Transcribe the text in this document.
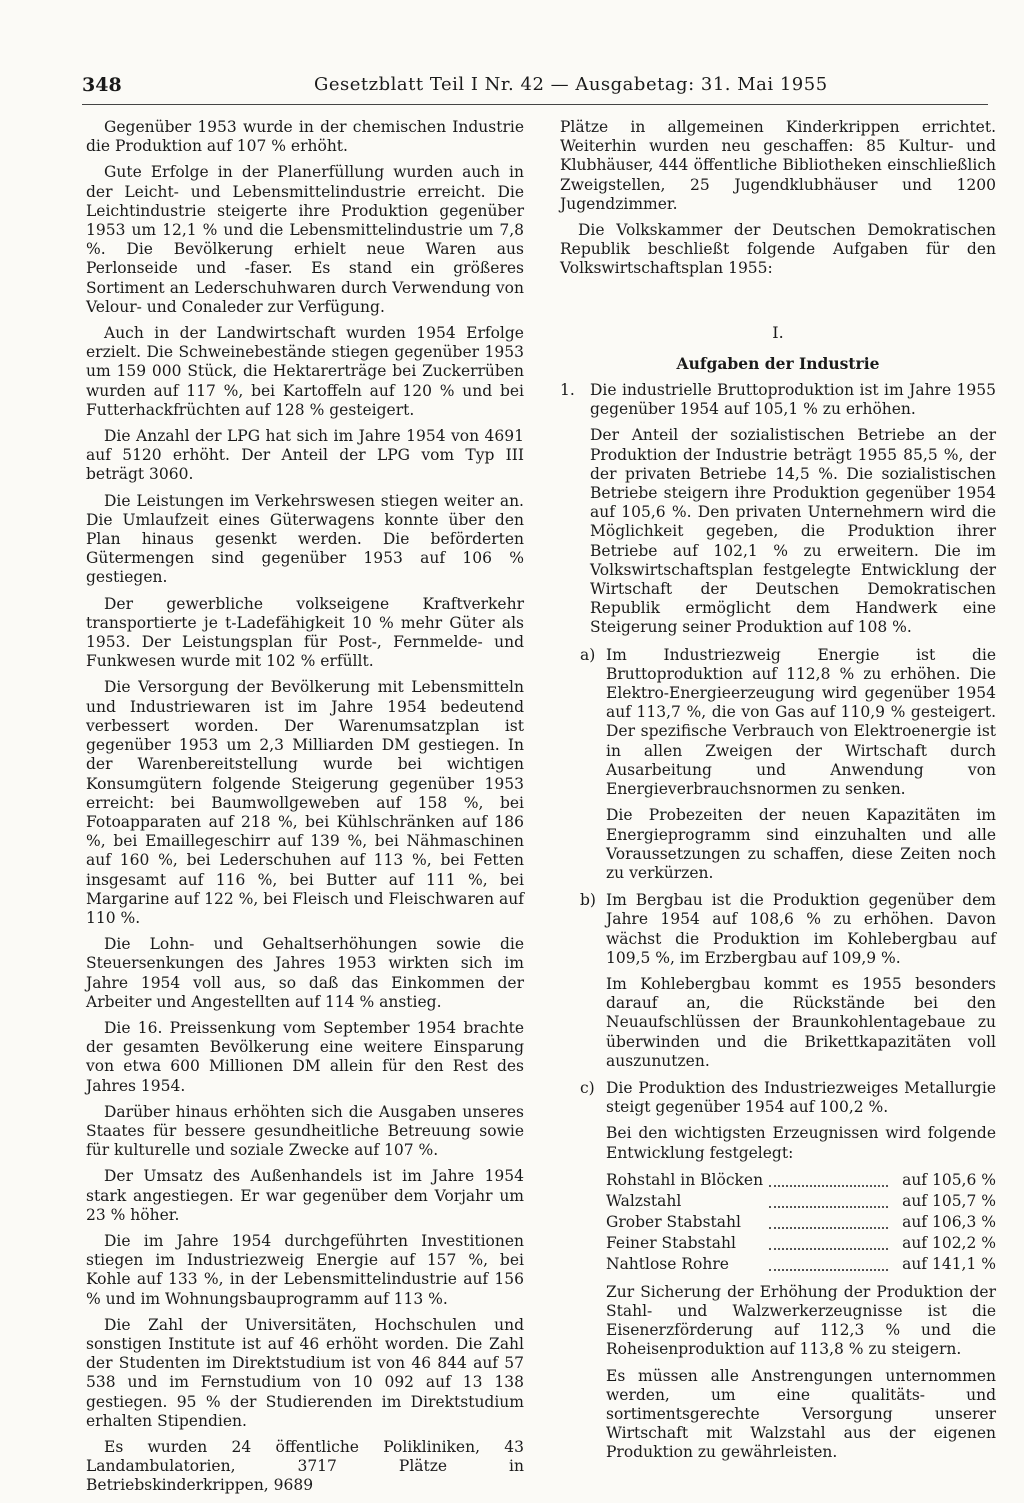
348	Gesetzblatt Teil I Nr. 42 — Ausgabetag: 31. Mai 1955

Gegenüber 1953 wurde in der chemischen Industrie die Produktion auf 107 % erhöht.

Gute Erfolge in der Planerfüllung wurden auch in der Leicht- und Lebensmittelindustrie erreicht. Die Leichtindustrie steigerte ihre Produktion gegenüber 1953 um 12,1 % und die Lebensmittelindustrie um 7,8 %. Die Bevölkerung erhielt neue Waren aus Perlonseide und -faser. Es stand ein größeres Sortiment an Lederschuhwaren durch Verwendung von Velour- und Conaleder zur Verfügung.

Auch in der Landwirtschaft wurden 1954 Erfolge erzielt. Die Schweinebestände stiegen gegenüber 1953 um 159 000 Stück, die Hektarerträge bei Zuckerrüben wurden auf 117 %, bei Kartoffeln auf 120 % und bei Futterhackfrüchten auf 128 % gesteigert.

Die Anzahl der LPG hat sich im Jahre 1954 von 4691 auf 5120 erhöht. Der Anteil der LPG vom Typ III beträgt 3060.

Die Leistungen im Verkehrswesen stiegen weiter an. Die Umlaufzeit eines Güterwagens konnte über den Plan hinaus gesenkt werden. Die beförderten Gütermengen sind gegenüber 1953 auf 106 % gestiegen.

Der gewerbliche volkseigene Kraftverkehr transportierte je t-Ladefähigkeit 10 % mehr Güter als 1953. Der Leistungsplan für Post-, Fernmelde- und Funkwesen wurde mit 102 % erfüllt.

Die Versorgung der Bevölkerung mit Lebensmitteln und Industriewaren ist im Jahre 1954 bedeutend verbessert worden. Der Warenumsatzplan ist gegenüber 1953 um 2,3 Milliarden DM gestiegen. In der Warenbereitstellung wurde bei wichtigen Konsumgütern folgende Steigerung gegenüber 1953 erreicht: bei Baumwollgeweben auf 158 %, bei Fotoapparaten auf 218 %, bei Kühlschränken auf 186 %, bei Emaillegeschirr auf 139 %, bei Nähmaschinen auf 160 %, bei Lederschuhen auf 113 %, bei Fetten insgesamt auf 116 %, bei Butter auf 111 %, bei Margarine auf 122 %, bei Fleisch und Fleischwaren auf 110 %.

Die Lohn- und Gehaltserhöhungen sowie die Steuersenkungen des Jahres 1953 wirkten sich im Jahre 1954 voll aus, so daß das Einkommen der Arbeiter und Angestellten auf 114 % anstieg.

Die 16. Preissenkung vom September 1954 brachte der gesamten Bevölkerung eine weitere Einsparung von etwa 600 Millionen DM allein für den Rest des Jahres 1954.

Darüber hinaus erhöhten sich die Ausgaben unseres Staates für bessere gesundheitliche Betreuung sowie für kulturelle und soziale Zwecke auf 107 %.

Der Umsatz des Außenhandels ist im Jahre 1954 stark angestiegen. Er war gegenüber dem Vorjahr um 23 % höher.

Die im Jahre 1954 durchgeführten Investitionen stiegen im Industriezweig Energie auf 157 %, bei Kohle auf 133 %, in der Lebensmittelindustrie auf 156 % und im Wohnungsbauprogramm auf 113 %.

Die Zahl der Universitäten, Hochschulen und sonstigen Institute ist auf 46 erhöht worden. Die Zahl der Studenten im Direktstudium ist von 46 844 auf 57 538 und im Fernstudium von 10 092 auf 13 138 gestiegen. 95 % der Studierenden im Direktstudium erhalten Stipendien.

Es wurden 24 öffentliche Polikliniken, 43 Landambulatorien, 3717 Plätze in Betriebskinderkrippen, 9689

Plätze in allgemeinen Kinderkrippen errichtet. Weiterhin wurden neu geschaffen: 85 Kultur- und Klubhäuser, 444 öffentliche Bibliotheken einschließlich Zweigstellen, 25 Jugendklubhäuser und 1200 Jugendzimmer.

Die Volkskammer der Deutschen Demokratischen Republik beschließt folgende Aufgaben für den Volkswirtschaftsplan 1955:

I.
Aufgaben der Industrie
1. Die industrielle Bruttoproduktion ist im Jahre 1955 gegenüber 1954 auf 105,1 % zu erhöhen.

Der Anteil der sozialistischen Betriebe an der Produktion der Industrie beträgt 1955 85,5 %, der der privaten Betriebe 14,5 %. Die sozialistischen Betriebe steigern ihre Produktion gegenüber 1954 auf 105,6 %. Den privaten Unternehmern wird die Möglichkeit gegeben, die Produktion ihrer Betriebe auf 102,1 % zu erweitern. Die im Volkswirtschaftsplan festgelegte Entwicklung der Wirtschaft der Deutschen Demokratischen Republik ermöglicht dem Handwerk eine Steigerung seiner Produktion auf 108 %.

a) Im Industriezweig Energie ist die Bruttoproduktion auf 112,8 % zu erhöhen. Die Elektro-Energieerzeugung wird gegenüber 1954 auf 113,7 %, die von Gas auf 110,9 % gesteigert. Der spezifische Verbrauch von Elektroenergie ist in allen Zweigen der Wirtschaft durch Ausarbeitung und Anwendung von Energieverbrauchsnormen zu senken.

Die Probezeiten der neuen Kapazitäten im Energieprogramm sind einzuhalten und alle Voraussetzungen zu schaffen, diese Zeiten noch zu verkürzen.

b) Im Bergbau ist die Produktion gegenüber dem Jahre 1954 auf 108,6 % zu erhöhen. Davon wächst die Produktion im Kohlebergbau auf 109,5 %, im Erzbergbau auf 109,9 %.

Im Kohlebergbau kommt es 1955 besonders darauf an, die Rückstände bei den Neuaufschlüssen der Braunkohlentagebaue zu überwinden und die Brikettkapazitäten voll auszunutzen.

c) Die Produktion des Industriezweiges Metallurgie steigt gegenüber 1954 auf 100,2 %.

Bei den wichtigsten Erzeugnissen wird folgende Entwicklung festgelegt:

Rohstahl in Blöcken		auf 105,6 %
Walzstahl		auf 105,7 %
Grober Stabstahl		auf 106,3 %
Feiner Stabstahl		auf 102,2 %
Nahtlose Rohre		auf 141,1 %

Zur Sicherung der Erhöhung der Produktion der Stahl- und Walzwerkerzeugnisse ist die Eisenerzförderung auf 112,3 % und die Roheisenproduktion auf 113,8 % zu steigern.

Es müssen alle Anstrengungen unternommen werden, um eine qualitäts- und sortimentsgerechte Versorgung unserer Wirtschaft mit Walzstahl aus der eigenen Produktion zu gewährleisten.
